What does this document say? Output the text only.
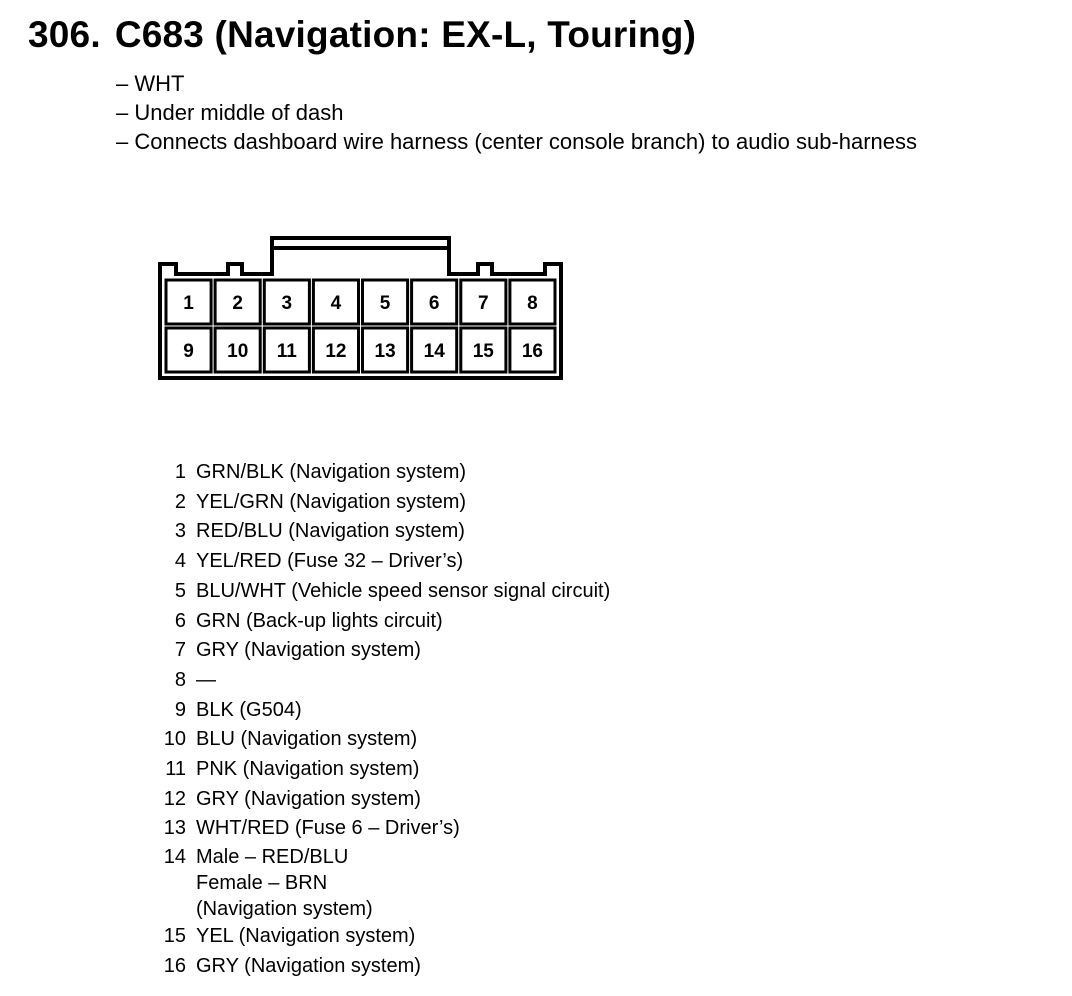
306. C683 (Navigation: EX-L, Touring)
– WHT
– Under middle of dash
– Connects dashboard wire harness (center console branch) to audio sub-harness
1 2 3 4 5 6 7 8
9 10 11 12 13 14 15 16
1 GRN/BLK (Navigation system)
2 YEL/GRN (Navigation system)
3 RED/BLU (Navigation system)
4 YEL/RED (Fuse 32 – Driver’s)
5 BLU/WHT (Vehicle speed sensor signal circuit)
6 GRN (Back-up lights circuit)
7 GRY (Navigation system)
8 —
9 BLK (G504)
10 BLU (Navigation system)
11 PNK (Navigation system)
12 GRY (Navigation system)
13 WHT/RED (Fuse 6 – Driver’s)
14 Male – RED/BLU
Female – BRN
(Navigation system)
15 YEL (Navigation system)
16 GRY (Navigation system)
